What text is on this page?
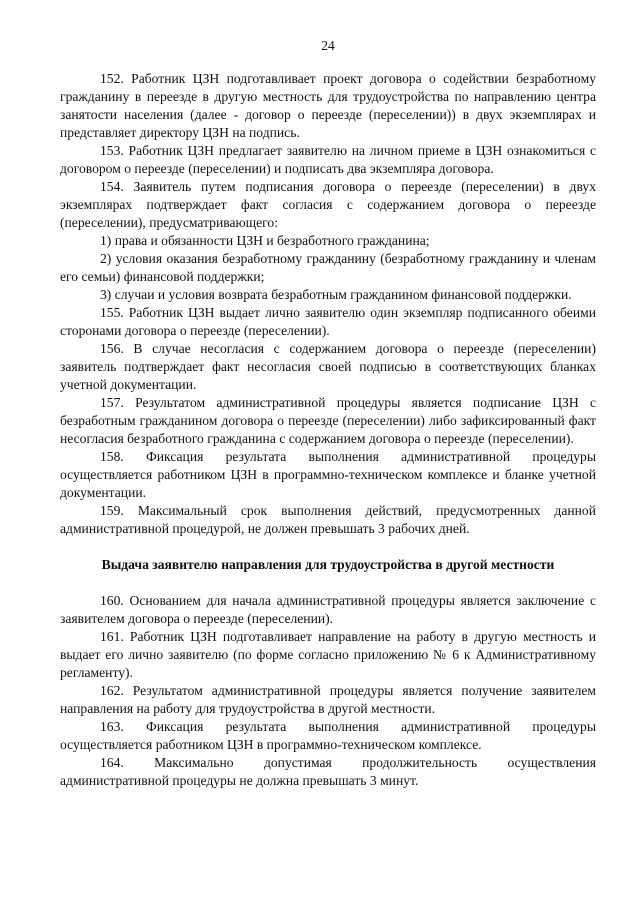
24

152. Работник ЦЗН подготавливает проект договора о содействии безработному гражданину в переезде в другую местность для трудоустройства по направлению центра занятости населения (далее - договор о переезде (переселении)) в двух экземплярах и представляет директору ЦЗН на подпись.

153. Работник ЦЗН предлагает заявителю на личном приеме в ЦЗН ознакомиться с договором о переезде (переселении) и подписать два экземпляра договора.

154. Заявитель путем подписания договора о переезде (переселении) в двух экземплярах подтверждает факт согласия с содержанием договора о переезде (переселении), предусматривающего:

1) права и обязанности ЦЗН и безработного гражданина;

2) условия оказания безработному гражданину (безработному гражданину и членам его семьи) финансовой поддержки;

3) случаи и условия возврата безработным гражданином финансовой поддержки.

155. Работник ЦЗН выдает лично заявителю один экземпляр подписанного обеими сторонами договора о переезде (переселении).

156. В случае несогласия с содержанием договора о переезде (переселении) заявитель подтверждает факт несогласия своей подписью в соответствующих бланках учетной документации.

157. Результатом административной процедуры является подписание ЦЗН с безработным гражданином договора о переезде (переселении) либо зафиксированный факт несогласия безработного гражданина с содержанием договора о переезде (переселении).

158. Фиксация результата выполнения административной процедуры осуществляется работником ЦЗН в программно-техническом комплексе и бланке учетной документации.

159. Максимальный срок выполнения действий, предусмотренных данной административной процедурой, не должен превышать 3 рабочих дней.

Выдача заявителю направления для трудоустройства в другой местности

160. Основанием для начала административной процедуры является заключение с заявителем договора о переезде (переселении).

161. Работник ЦЗН подготавливает направление на работу в другую местность и выдает его лично заявителю (по форме согласно приложению № 6 к Административному регламенту).

162. Результатом административной процедуры является получение заявителем направления на работу для трудоустройства в другой местности.

163. Фиксация результата выполнения административной процедуры осуществляется работником ЦЗН в программно-техническом комплексе.

164. Максимально допустимая продолжительность осуществления административной процедуры не должна превышать 3 минут.
